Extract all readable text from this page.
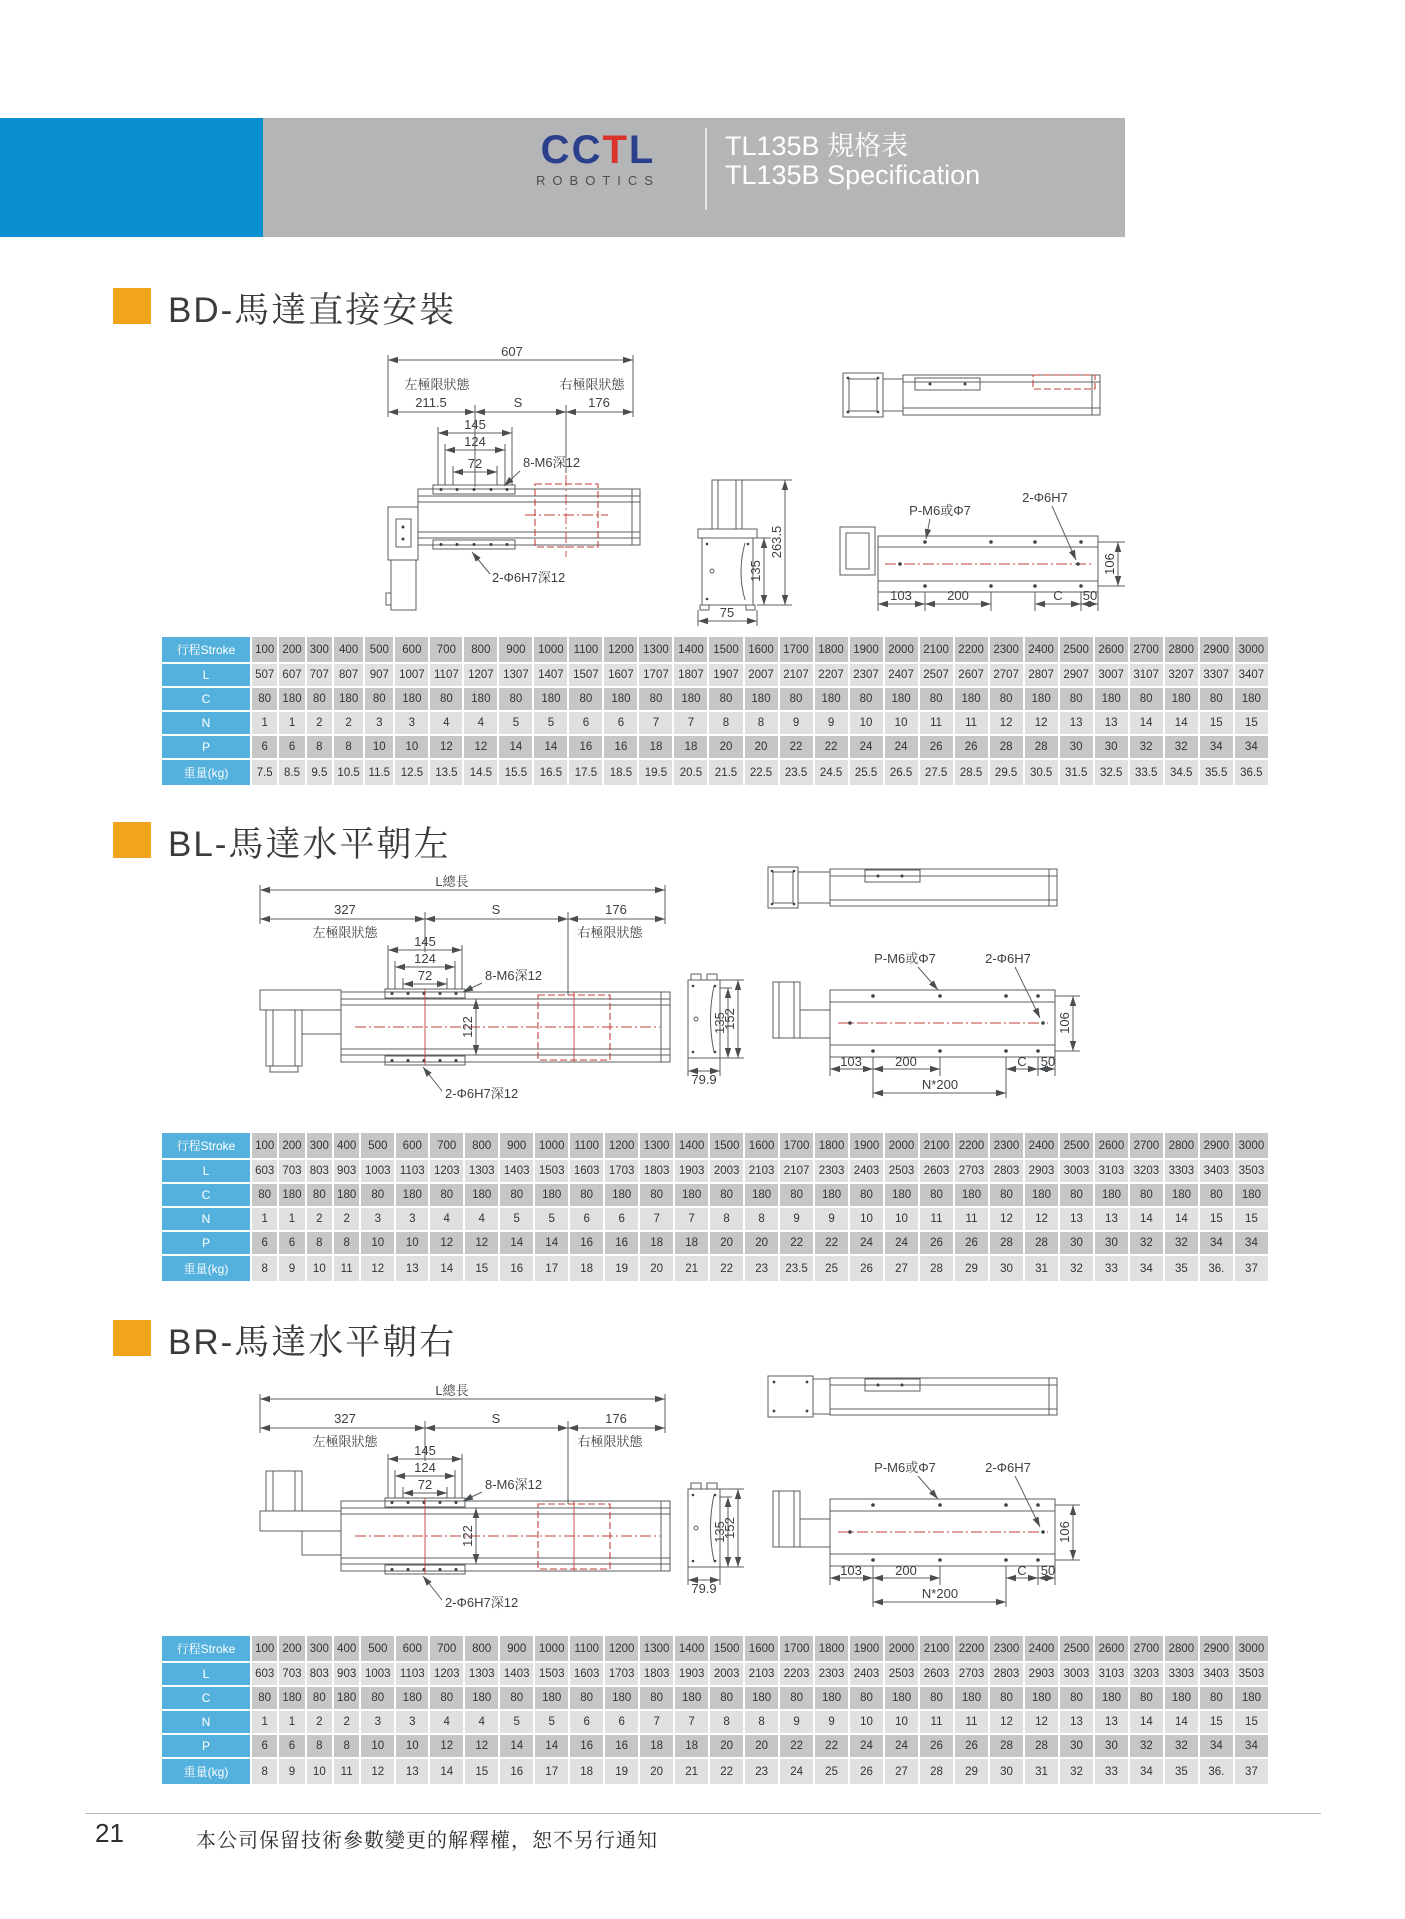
CCTL
ROBOTICS
TL135B 規格表
TL135B Specification
BD-馬達直接安裝
607
211.5	S	176
左極限狀態	右極限狀態
145
124
72	8-M6深12
2-Φ6H7深12
263.5
135
75
P-M6或Φ7
2-Φ6H7
103	200	C 50
106
行程Stroke	100	200	300	400	500	600	700	800	900	1000	1100	1200	1300	1400	1500	1600	1700	1800	1900	2000	2100	2200	2300	2400	2500	2600	2700	2800	2900	3000
L	507	607	707	807	907	1007	1107	1207	1307	1407	1507	1607	1707	1807	1907	2007	2107	2207	2307	2407	2507	2607	2707	2807	2907	3007	3107	3207	3307	3407
C	80	180	80	180	80	180	80	180	80	180	80	180	80	180	80	180	80	180	80	180	80	180	80	180	80	180	80	180	80	180
N	1	1	2	2	3	3	4	4	5	5	6	6	7	7	8	8	9	9	10	10	11	11	12	12	13	13	14	14	15	15
P	6	6	8	8	10	10	12	12	14	14	16	16	18	18	20	20	22	22	24	24	26	26	28	28	30	30	32	32	34	34
重量(kg)	7.5	8.5	9.5	10.5	11.5	12.5	13.5	14.5	15.5	16.5	17.5	18.5	19.5	20.5	21.5	22.5	23.5	24.5	25.5	26.5	27.5	28.5	29.5	30.5	31.5	32.5	33.5	34.5	35.5	36.5
BL-馬達水平朝左
L總長
327	S	176
左極限狀態	右極限狀態
145
124
72	8-M6深12
122
2-Φ6H7深12
135
152
79.9
P-M6或Φ7	2-Φ6H7
103	200	C 50
N*200
106
行程Stroke	100	200	300	400	500	600	700	800	900	1000	1100	1200	1300	1400	1500	1600	1700	1800	1900	2000	2100	2200	2300	2400	2500	2600	2700	2800	2900	3000
L	603	703	803	903	1003	1103	1203	1303	1403	1503	1603	1703	1803	1903	2003	2103	2107	2303	2403	2503	2603	2703	2803	2903	3003	3103	3203	3303	3403	3503
C	80	180	80	180	80	180	80	180	80	180	80	180	80	180	80	180	80	180	80	180	80	180	80	180	80	180	80	180	80	180
N	1	1	2	2	3	3	4	4	5	5	6	6	7	7	8	8	9	9	10	10	11	11	12	12	13	13	14	14	15	15
P	6	6	8	8	10	10	12	12	14	14	16	16	18	18	20	20	22	22	24	24	26	26	28	28	30	30	32	32	34	34
重量(kg)	8	9	10	11	12	13	14	15	16	17	18	19	20	21	22	23	23.5	25	26	27	28	29	30	31	32	33	34	35	36.	37
BR-馬達水平朝右
L總長
327	S	176
左極限狀態	右極限狀態
145
124
72	8-M6深12
122
2-Φ6H7深12
135
152
79.9
P-M6或Φ7	2-Φ6H7
103	200	C 50
N*200
106
行程Stroke	100	200	300	400	500	600	700	800	900	1000	1100	1200	1300	1400	1500	1600	1700	1800	1900	2000	2100	2200	2300	2400	2500	2600	2700	2800	2900	3000
L	603	703	803	903	1003	1103	1203	1303	1403	1503	1603	1703	1803	1903	2003	2103	2203	2303	2403	2503	2603	2703	2803	2903	3003	3103	3203	3303	3403	3503
C	80	180	80	180	80	180	80	180	80	180	80	180	80	180	80	180	80	180	80	180	80	180	80	180	80	180	80	180	80	180
N	1	1	2	2	3	3	4	4	5	5	6	6	7	7	8	8	9	9	10	10	11	11	12	12	13	13	14	14	15	15
P	6	6	8	8	10	10	12	12	14	14	16	16	18	18	20	20	22	22	24	24	26	26	28	28	30	30	32	32	34	34
重量(kg)	8	9	10	11	12	13	14	15	16	17	18	19	20	21	22	23	24	25	26	27	28	29	30	31	32	33	34	35	36.	37
21	本公司保留技術參數變更的解釋權，恕不另行通知
